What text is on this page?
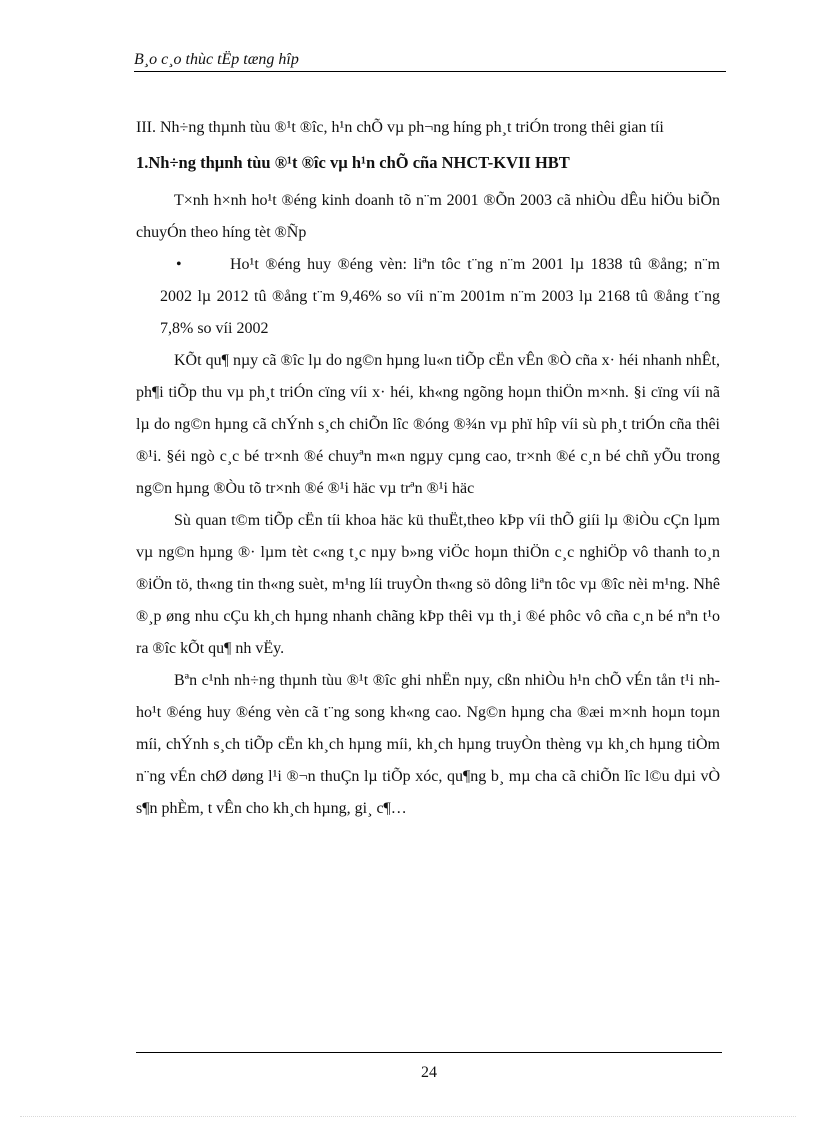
B¸o c¸o thùc tËp tæng hîp

III. Nh÷ng thµnh tùu ®¹t ®îc, h¹n chÕ vµ ph¬ng híng ph¸t triÓn trong thêi gian tíi

1.Nh÷ng thµnh tùu ®¹t ®îc vµ h¹n chÕ cña NHCT-KVII HBT

T×nh h×nh ho¹t ®éng kinh doanh tõ n¨m 2001 ®Õn 2003 cã nhiÒu dÊu hiÖu biÕn chuyÓn theo híng tèt ®Ñp

•	Ho¹t ®éng huy ®éng vèn: liªn tôc t¨ng n¨m 2001 lµ 1838 tû ®ång; n¨m 2002 lµ 2012 tû ®ång t¨m 9,46% so víi n¨m 2001m n¨m 2003 lµ 2168 tû ®ång t¨ng 7,8% so víi 2002

KÕt qu¶ nµy cã ®îc lµ do ng©n hµng lu«n tiÕp cËn vÊn ®Ò cña x· héi nhanh nhÊt, ph¶i tiÕp thu vµ ph¸t triÓn cïng víi x· héi, kh«ng ngõng hoµn thiÖn m×nh. §i cïng víi nã lµ do ng©n hµng cã chÝnh s¸ch chiÕn lîc ®óng ®¾n vµ phï hîp víi sù ph¸t triÓn cña thêi ®¹i. §éi ngò c¸c bé tr×nh ®é chuyªn m«n ngµy cµng cao, tr×nh ®é c¸n bé chñ yÕu trong ng©n hµng ®Òu tõ tr×nh ®é ®¹i häc vµ trªn ®¹i häc

Sù quan t©m tiÕp cËn tíi khoa häc kü thuËt,theo kÞp víi thÕ giíi lµ ®iÒu cÇn lµm vµ ng©n hµng ®· lµm tèt c«ng t¸c nµy b»ng viÖc hoµn thiÖn c¸c nghiÖp vô thanh to¸n ®iÖn tö, th«ng tin th«ng suèt, m¹ng líi truyÒn th«ng sö dông liªn tôc vµ ®îc nèi m¹ng. Nhê ®¸p øng nhu cÇu kh¸ch hµng nhanh chãng kÞp thêi vµ th¸i ®é phôc vô cña c¸n bé nªn t¹o ra ®îc kÕt qu¶ nh vËy.

Bªn c¹nh nh÷ng thµnh tùu ®¹t ®îc ghi nhËn nµy, cßn nhiÒu h¹n chÕ vÉn tån t¹i nh ho¹t ®éng huy ®éng vèn cã t¨ng song kh«ng cao. Ng©n hµng cha ®æi m×nh hoµn toµn míi, chÝnh s¸ch tiÕp cËn kh¸ch hµng míi, kh¸ch hµng truyÒn thèng vµ kh¸ch hµng tiÒm n¨ng vÉn chØ døng l¹i ®¬n thuÇn lµ tiÕp xóc, qu¶ng b¸ mµ cha cã chiÕn lîc l©u dµi vÒ s¶n phÈm, t vÊn cho kh¸ch hµng, gi¸ c¶…

24
